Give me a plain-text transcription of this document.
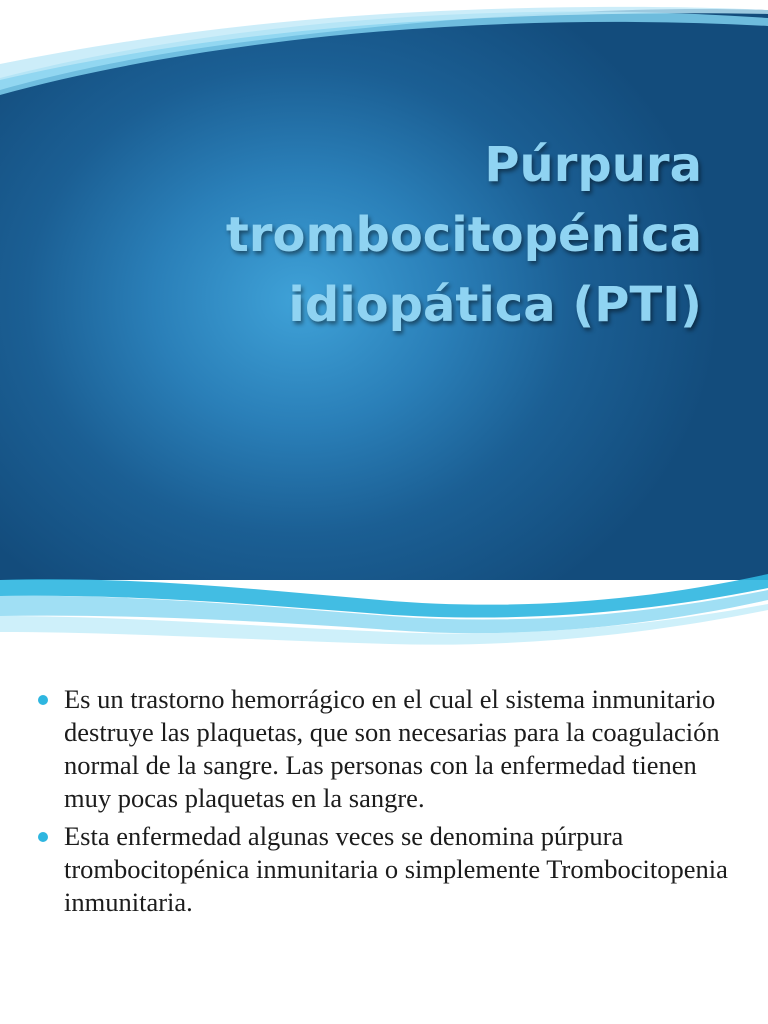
Púrpura trombocitopénica
idiopática (PTI)
Es un trastorno hemorrágico en el cual el sistema inmunitario destruye las plaquetas, que son necesarias para la coagulación normal de la sangre. Las personas con la enfermedad tienen muy pocas plaquetas en la sangre.
Esta enfermedad algunas veces se denomina púrpura trombocitopénica inmunitaria o simplemente Trombocitopenia inmunitaria.
